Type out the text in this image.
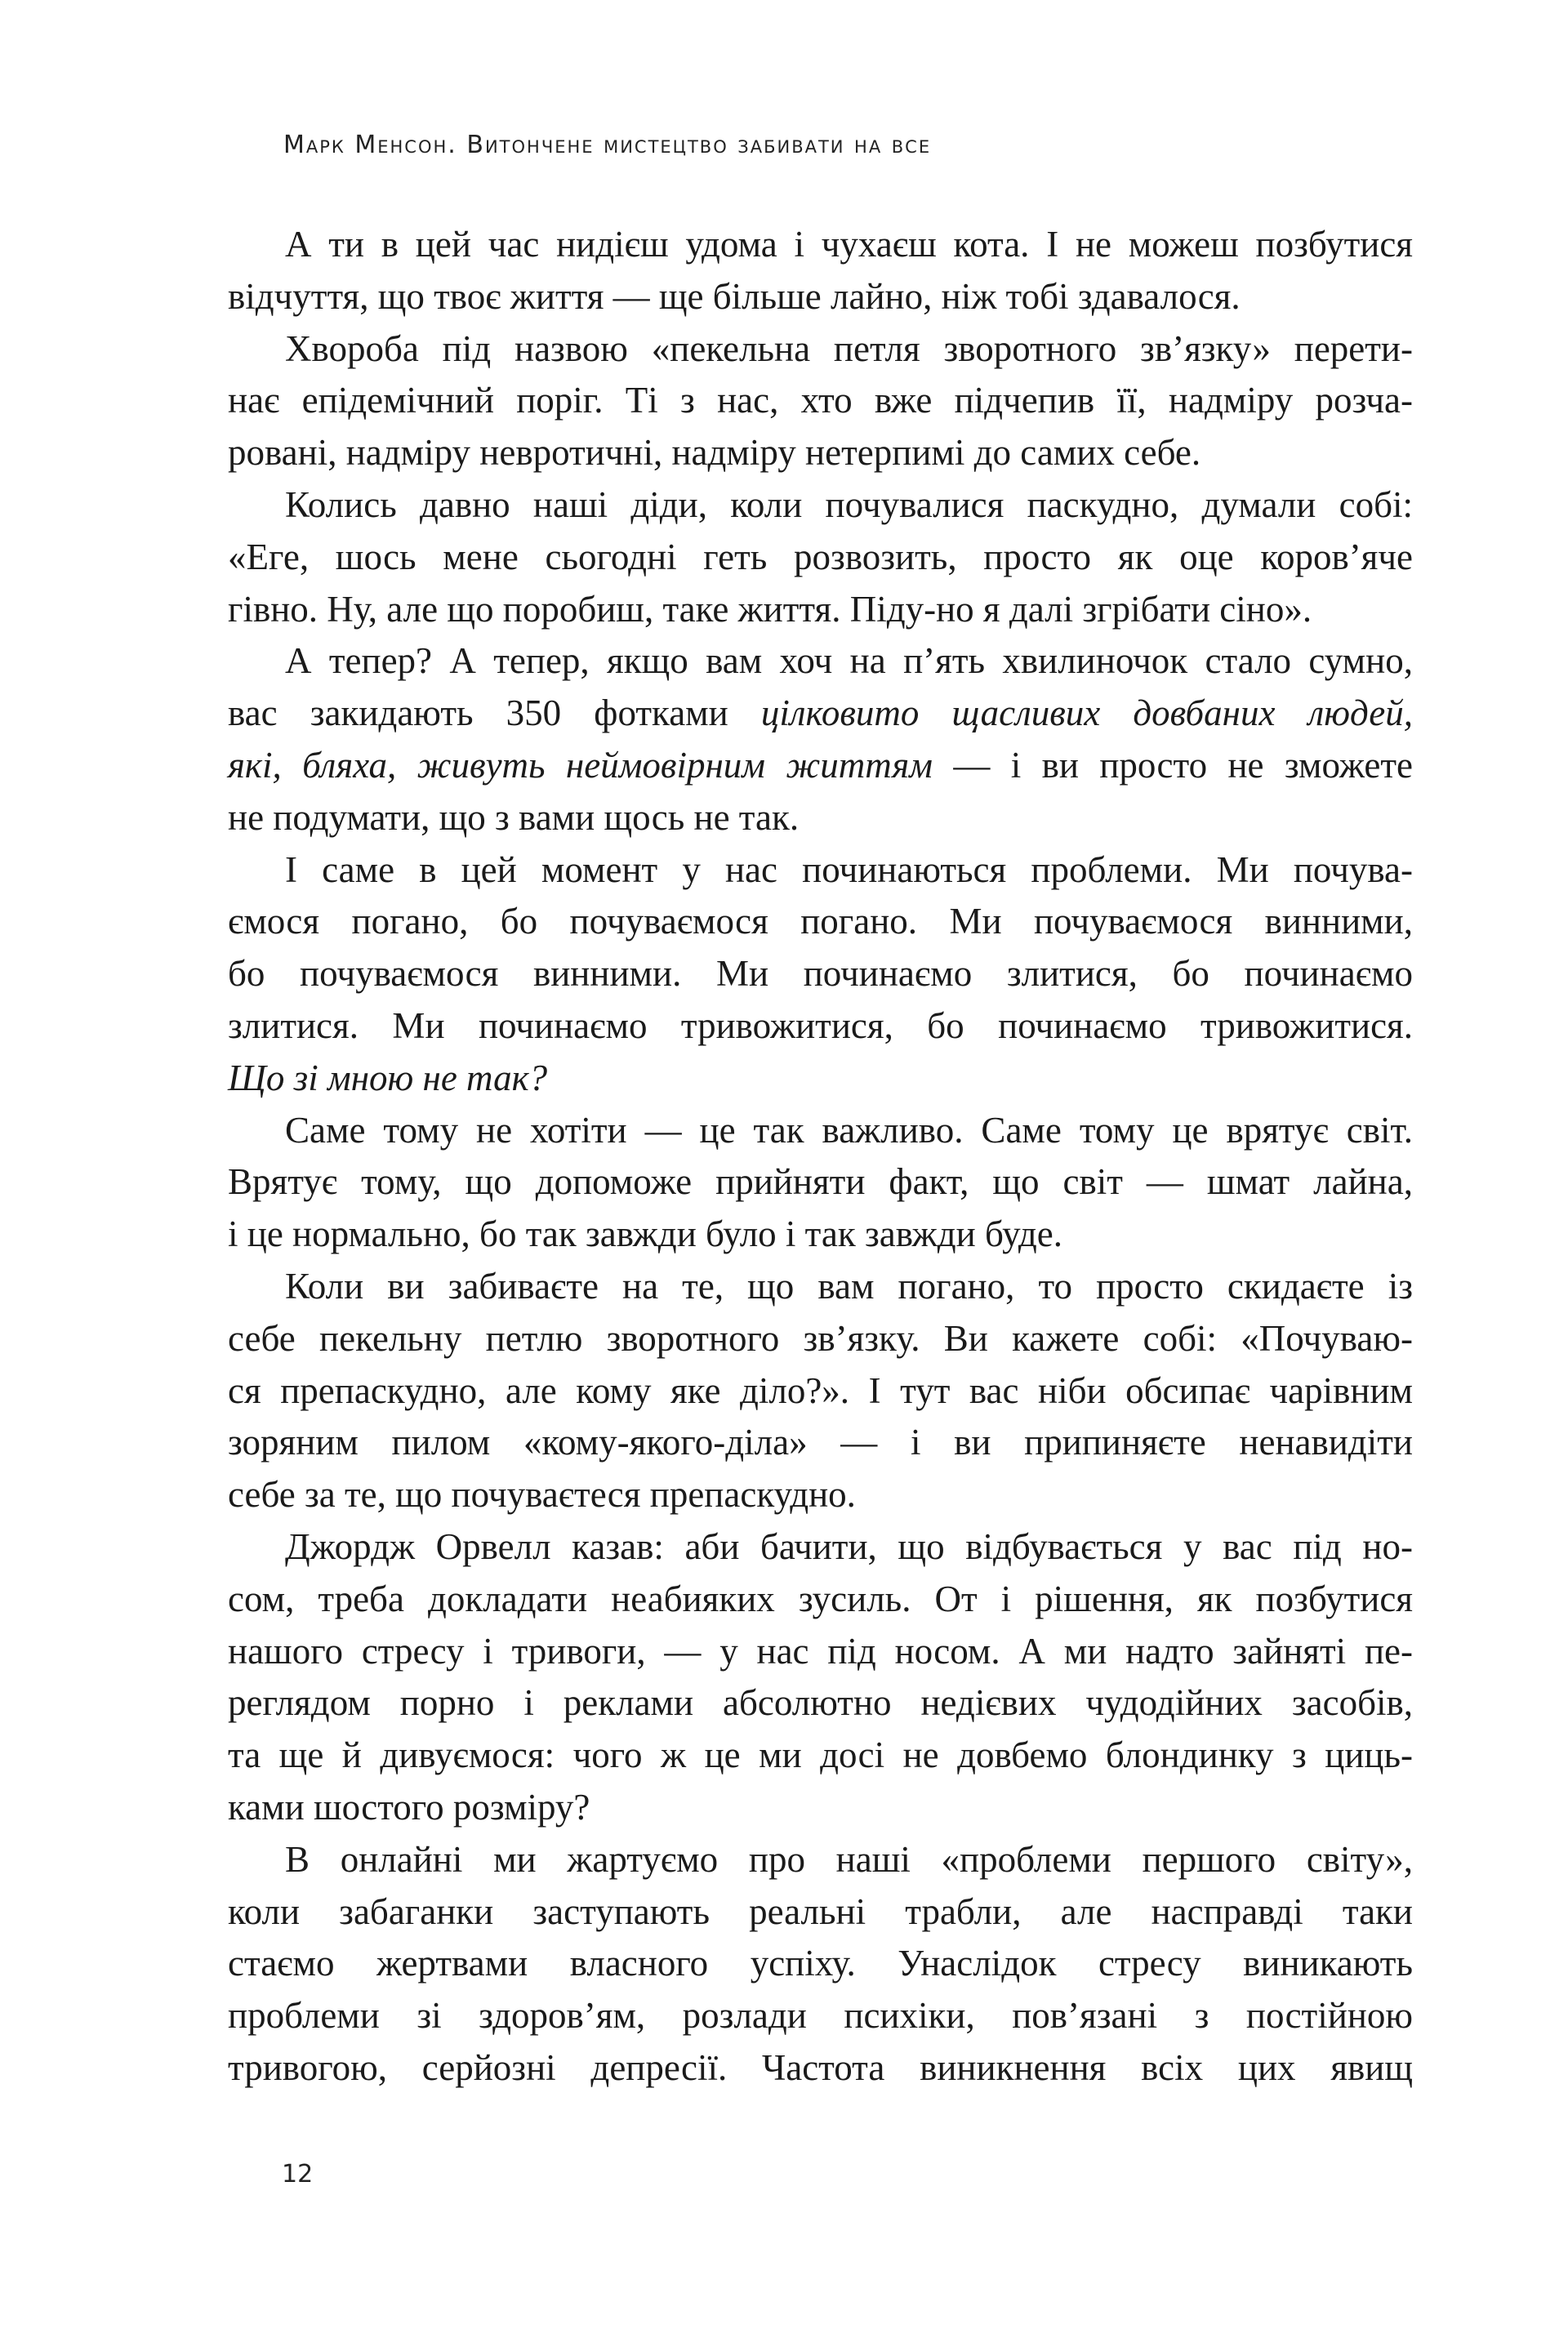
Марк Менсон. Витончене мистецтво забивати на все
А ти в цей час нидієш удома і чухаєш кота. І не можеш позбутися
відчуття, що твоє життя — ще більше лайно, ніж тобі здавалося.
Хвороба під назвою «пекельна петля зворотного зв’язку» перети-
нає епідемічний поріг. Ті з нас, хто вже підчепив її, надміру розча-
ровані, надміру невротичні, надміру нетерпимі до самих себе.
Колись давно наші діди, коли почувалися паскудно, думали собі:
«Еге, шось мене сьогодні геть розвозить, просто як оце коров’яче
гівно. Ну, але що поробиш, таке життя. Піду-но я далі згрібати сіно».
А тепер? А тепер, якщо вам хоч на п’ять хвилиночок стало сумно,
вас закидають 350 фотками цілковито щасливих довбаних людей,
які, бляха, живуть неймовірним життям — і ви просто не зможете
не подумати, що з вами щось не так.
І саме в цей момент у нас починаються проблеми. Ми почува-
ємося погано, бо почуваємося погано. Ми почуваємося винними,
бо почуваємося винними. Ми починаємо злитися, бо починаємо
злитися. Ми починаємо тривожитися, бо починаємо тривожитися.
Що зі мною не так?
Саме тому не хотіти — це так важливо. Саме тому це врятує світ.
Врятує тому, що допоможе прийняти факт, що світ — шмат лайна,
і це нормально, бо так завжди було і так завжди буде.
Коли ви забиваєте на те, що вам погано, то просто скидаєте із
себе пекельну петлю зворотного зв’язку. Ви кажете собі: «Почуваю-
ся препаскудно, але кому яке діло?». І тут вас ніби обсипає чарівним
зоряним пилом «кому-якого-діла» — і ви припиняєте ненавидіти
себе за те, що почуваєтеся препаскудно.
Джордж Орвелл казав: аби бачити, що відбувається у вас під но-
сом, треба докладати неабияких зусиль. От і рішення, як позбутися
нашого стресу і тривоги, — у нас під носом. А ми надто зайняті пе-
реглядом порно і реклами абсолютно недієвих чудодійних засобів,
та ще й дивуємося: чого ж це ми досі не довбемо блондинку з циць-
ками шостого розміру?
В онлайні ми жартуємо про наші «проблеми першого світу»,
коли забаганки заступають реальні трабли, але насправді таки
стаємо жертвами власного успіху. Унаслідок стресу виникають
проблеми зі здоров’ям, розлади психіки, пов’язані з постійною
тривогою, серйозні депресії. Частота виникнення всіх цих явищ
12
